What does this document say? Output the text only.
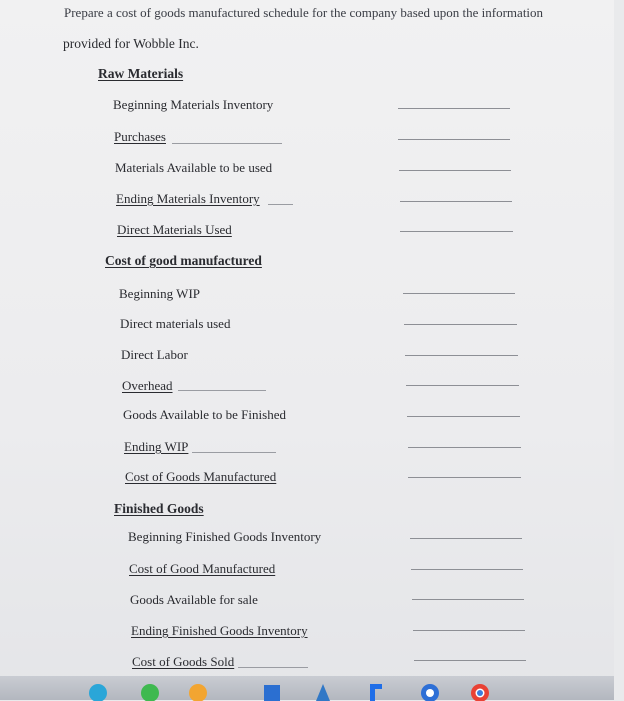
Prepare a cost of goods manufactured schedule for the company based upon the information
provided for Wobble Inc.
Raw Materials
Beginning Materials Inventory
Purchases
Materials Available to be used
Ending Materials Inventory
Direct Materials Used
Cost of good manufactured
Beginning WIP
Direct materials used
Direct Labor
Overhead
Goods Available to be Finished
Ending WIP
Cost of Goods Manufactured
Finished Goods
Beginning Finished Goods Inventory
Cost of Good Manufactured
Goods Available for sale
Ending Finished Goods Inventory
Cost of Goods Sold
